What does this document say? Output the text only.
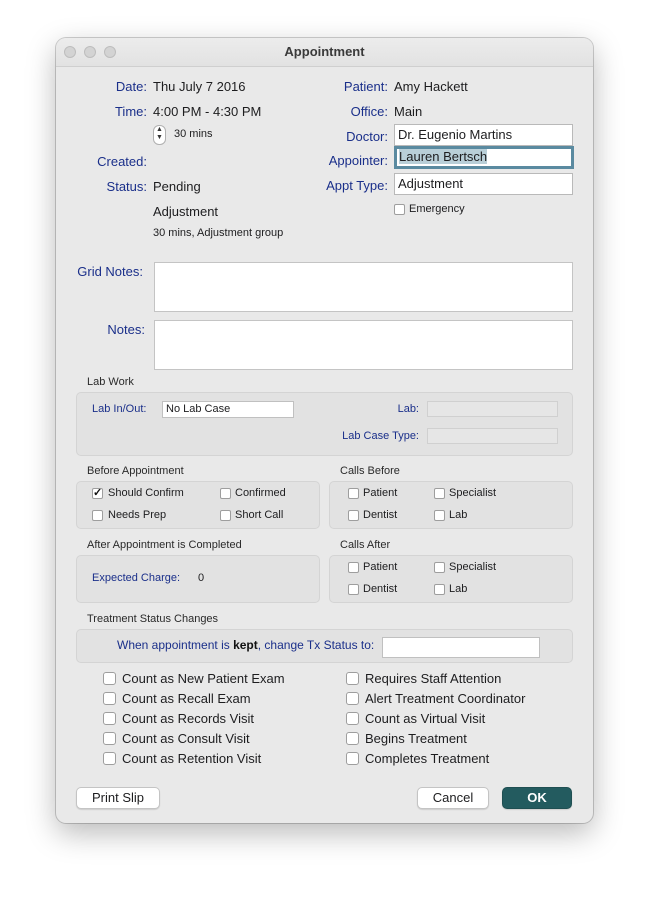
Appointment
Date: Thu July 7 2016
Time: 4:00 PM - 4:30 PM
▲
▼ 30 mins
Created:
Status: Pending
Adjustment
30 mins, Adjustment group
Patient: Amy Hackett
Office: Main
Doctor: Dr. Eugenio Martins
Appointer: Lauren Bertsch
Appt Type: Adjustment
Emergency
Grid Notes:
Notes:
Lab Work
Lab In/Out:	No Lab Case	Lab:
Lab Case Type:
Before Appointment
✓
Should Confirm	Confirmed
Needs Prep	Short Call
Calls Before
Patient	Specialist
Dentist	Lab
After Appointment is Completed
Expected Charge: 0
Calls After
Patient	Specialist
Dentist	Lab
Treatment Status Changes
When appointment is kept, change Tx Status to:
Count as New Patient Exam
Count as Recall Exam
Count as Records Visit
Count as Consult Visit
Count as Retention Visit
Requires Staff Attention
Alert Treatment Coordinator
Count as Virtual Visit
Begins Treatment
Completes Treatment
Print Slip	Cancel	OK
